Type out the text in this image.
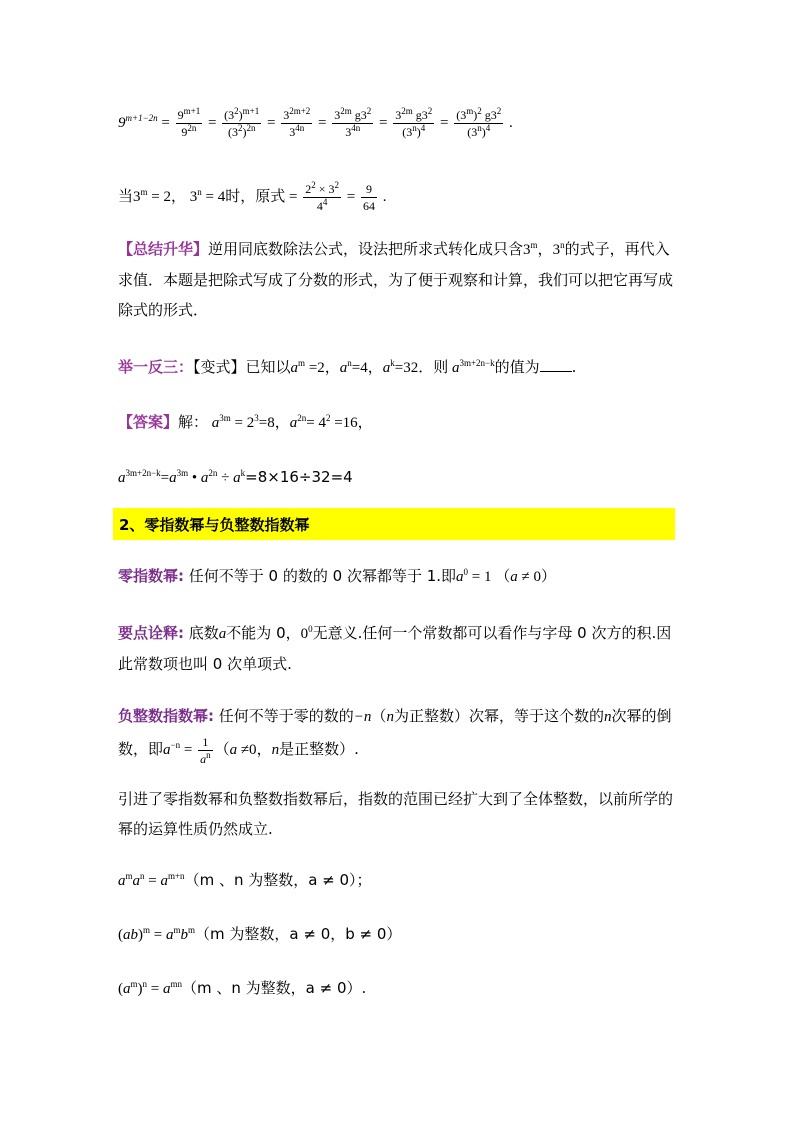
$9^{m+1-2n} = \frac{9^{m+1}}{9^{2n}} = \frac{(3^2)^{m+1}}{(3^2)^{2n}} = \frac{3^{2m+2}}{3^{4n}} = \frac{3^{2m} g3^2}{3^{4n}} = \frac{3^{2m} g3^2}{(3^n)^4} = \frac{(3^m)^2 g3^2}{(3^n)^4}$ .
当$3^m = 2$， $3^n = 4$时，原式 = $\frac{2^2 \times 3^2}{4^4} = \frac{9}{64}$ .
【总结升华】逆用同底数除法公式，设法把所求式转化成只含3$^m$，3$^n$的式子，再代入求值．本题是把除式写成了分数的形式，为了便于观察和计算，我们可以把它再写成除式的形式．
举一反三：【变式】已知以$a^m =2$，$a^n=4$，$a^k=32$．则 $a^{3m+2n-k}$的值为 .
【答案】解： $a^{3m} = 2^3=8$，$a^{2n}= 4^2 =16$，
$a^{3m+2n-k}=a^{3m}$ • $a^{2n} \div a^k=8\times 16\div 32=4$
2、零指数幂与负整数指数幂
零指数幂: 任何不等于 0 的数的 0 次幂都等于 1.即$a^0 = 1$ （a ≠ 0）
要点诠释: 底数a不能为 0，$0^0$无意义.任何一个常数都可以看作与字母 0 次方的积.因此常数项也叫 0 次单项式.
负整数指数幂: 任何不等于零的数的−n（n为正整数）次幂，等于这个数的n次幂的倒数，即$a^{-n} = \frac{1}{a^n} (a \ne 0$，n是正整数）.
引进了零指数幂和负整数指数幂后，指数的范围已经扩大到了全体整数，以前所学的幂的运算性质仍然成立.
$a^ma^n = a^{m+n}(m$ 、n 为整数，a ≠ 0）；
$(ab)^m = a^mb^m(m$ 为整数，a ≠ 0，b ≠ 0）
$(a^m)^n = a^{mn}(m$ 、n 为整数，a ≠ 0）.
